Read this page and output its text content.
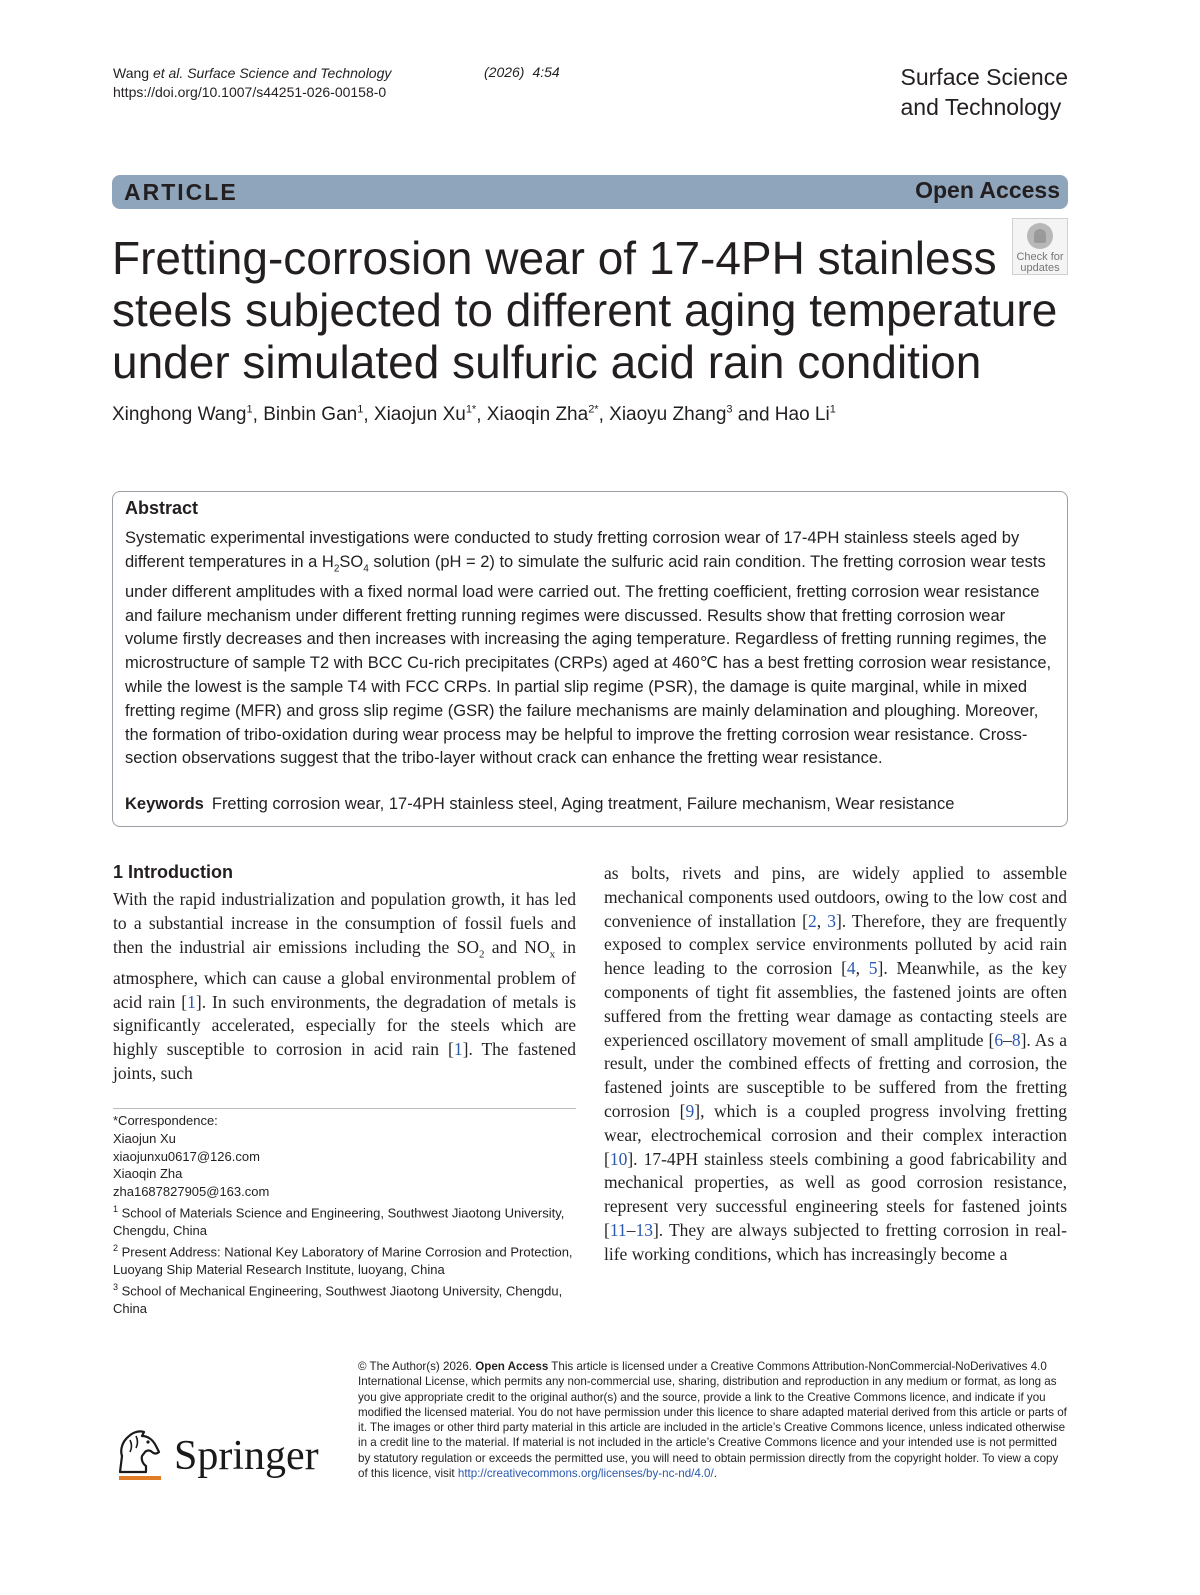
Wang et al. Surface Science and Technology
https://doi.org/10.1007/s44251-026-00158-0
(2026) 4:54	Surface Science
and Technology
ARTICLE	Open Access
Check for
updates
Fretting-corrosion wear of 17-4PH stainless
steels subjected to different aging temperature
under simulated sulfuric acid rain condition
Xinghong Wang$^1$, Binbin Gan$^1$, Xiaojun $Xu^{1*}$, Xiaoqin Zha$^{2*}$, Xiaoyu Zhang$^3$ and Hao Li$^1$
Abstract
Systematic experimental investigations were conducted to study fretting corrosion wear of 17-4PH stainless steels aged by different temperatures in a $H_2SO_4$ solution (pH = 2) to simulate the sulfuric acid rain condition. The fretting corrosion wear tests under different amplitudes with a fixed normal load were carried out. The fretting coefficient, fretting corrosion wear resistance and failure mechanism under different fretting running regimes were discussed. Results show that fretting corrosion wear volume firstly decreases and then increases with increasing the aging temperature. Regardless of fretting running regimes, the microstructure of sample T2 with BCC Cu-rich precipitates (CRPs) aged at 460℃ has a best fretting corrosion wear resistance, while the lowest is the sample T4 with FCC CRPs. In partial slip regime (PSR), the damage is quite marginal, while in mixed fretting regime (MFR) and gross slip regime (GSR) the failure mechanisms are mainly delamination and ploughing. Moreover, the formation of tribo-oxidation during wear process may be helpful to improve the fretting corrosion wear resistance. Cross-section observations suggest that the tribo-layer without crack can enhance the fretting wear resistance.
Keywords Fretting corrosion wear, 17-4PH stainless steel, Aging treatment, Failure mechanism, Wear resistance
1 Introduction
With the rapid industrialization and population growth, it has led to a substantial increase in the consumption of fossil fuels and then the industrial air emissions including the $SO_2$ and $NO_x$ in atmosphere, which can cause a global environmental problem of acid rain [1]. In such environments, the degradation of metals is significantly accelerated, especially for the steels which are highly susceptible to corrosion in acid rain [1]. The fastened joints, such
as bolts, rivets and pins, are widely applied to assemble mechanical components used outdoors, owing to the low cost and convenience of installation [2, 3]. Therefore, they are frequently exposed to complex service environments polluted by acid rain hence leading to the corrosion [4, 5]. Meanwhile, as the key components of tight fit assemblies, the fastened joints are often suffered from the fretting wear damage as contacting steels are experienced oscillatory movement of small amplitude [6–8]. As a result, under the combined effects of fretting and corrosion, the fastened joints are susceptible to be suffered from the fretting corrosion [9], which is a coupled progress involving fretting wear, electrochemical corrosion and their complex interaction [10]. 17-4PH stainless steels combining a good fabricability and mechanical properties, as well as good corrosion resistance, represent very successful engineering steels for fastened joints [11–13]. They are always subjected to fretting corrosion in real-life working conditions, which has increasingly become a
*Correspondence:
Xiaojun Xu
xiaojunxu0617@126.com
Xiaoqin Zha
zha1687827905@163.com
$^1$ School of Materials Science and Engineering, Southwest Jiaotong University, Chengdu, China
$^2$ Present Address: National Key Laboratory of Marine Corrosion and Protection, Luoyang Ship Material Research Institute, luoyang, China
$^3$ School of Mechanical Engineering, Southwest Jiaotong University, Chengdu, China
Springer
© The Author(s) 2026. Open Access This article is licensed under a Creative Commons Attribution-NonCommercial-NoDerivatives 4.0 International License, which permits any non-commercial use, sharing, distribution and reproduction in any medium or format, as long as you give appropriate credit to the original author(s) and the source, provide a link to the Creative Commons licence, and indicate if you modified the licensed material. You do not have permission under this licence to share adapted material derived from this article or parts of it. The images or other third party material in this article are included in the article’s Creative Commons licence, unless indicated otherwise in a credit line to the material. If material is not included in the article’s Creative Commons licence and your intended use is not permitted by statutory regulation or exceeds the permitted use, you will need to obtain permission directly from the copyright holder. To view a copy of this licence, visit http://creativecommons.org/licenses/by-nc-nd/4.0/.
